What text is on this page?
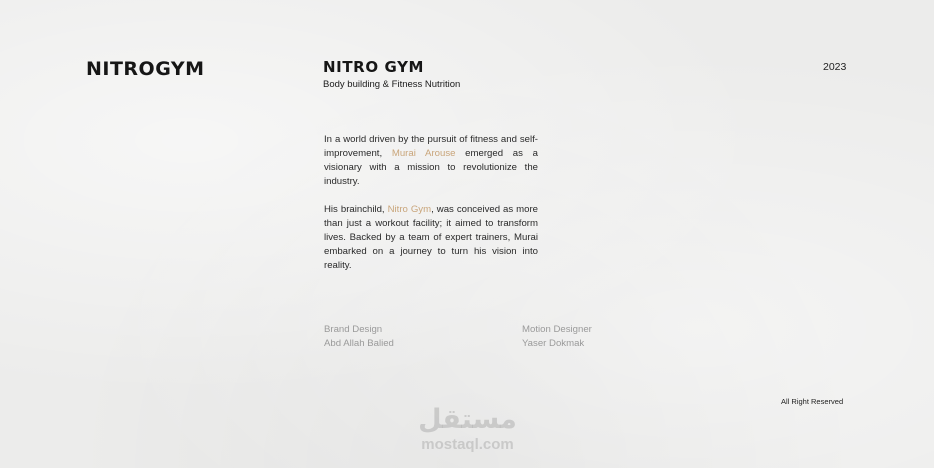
NITROGYM	NITRO GYM
Body building & Fitness Nutrition
2023
In a world driven by the pursuit of fitness and self-improvement, Murai Arouse emerged as a visionary with a mission to revolutionize the industry.
His brainchild, Nitro Gym, was conceived as more than just a workout facility; it aimed to transform lives. Backed by a team of expert trainers, Murai embarked on a journey to turn his vision into reality.
Brand Design
Abd Allah Balied
Motion Designer
Yaser Dokmak
All Right Reserved
مستقل
mostaql.com
